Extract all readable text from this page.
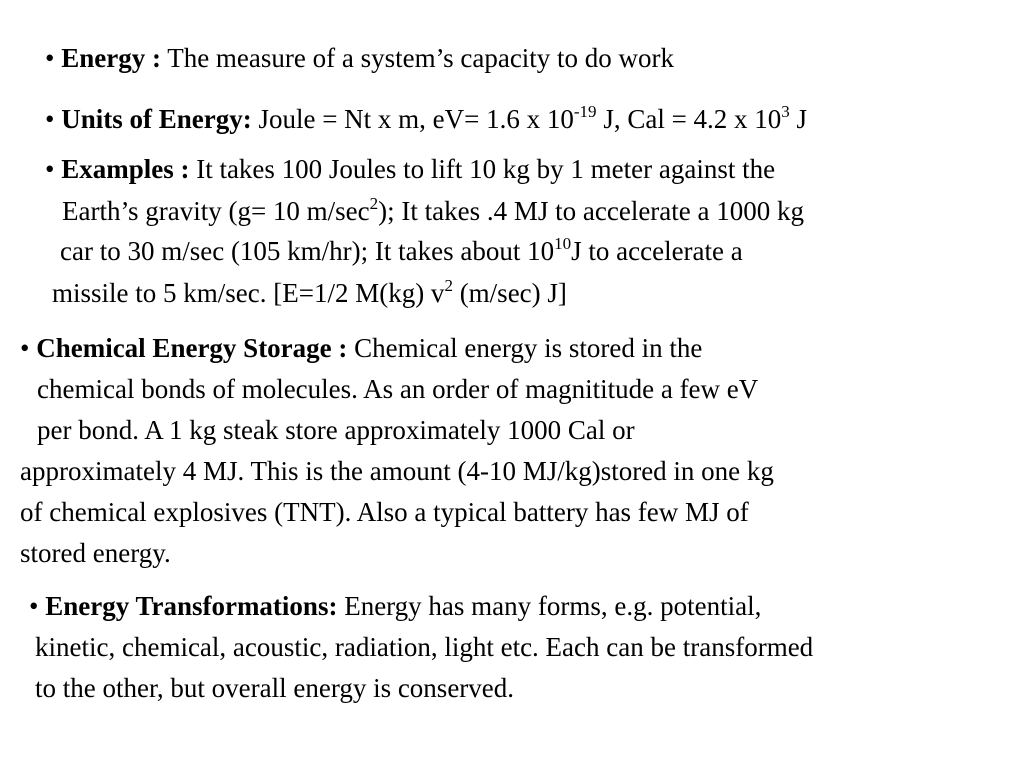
• Energy : The measure of a system’s capacity to do work
• Units of Energy: Joule = Nt x m, eV= 1.6 x $10^{-19}$ J, Cal = 4.2 x $10^3$ J
• Examples : It takes 100 Joules to lift 10 kg by 1 meter against the
Earth’s gravity (g= 10 $m/\sec^2$); It takes .4 MJ to accelerate a 1000 kg
car to 30 m/sec (105 km/hr); It takes about $10^{10}J$ to accelerate a
missile to 5 km/sec. [E=1/2 M(kg) $v^2$ (m/sec) J]
• Chemical Energy Storage : Chemical energy is stored in the
chemical bonds of molecules. As an order of magnititude a few eV
per bond. A 1 kg steak store approximately 1000 Cal or
approximately 4 MJ. This is the amount (4-10 MJ/kg)stored in one kg
of chemical explosives (TNT). Also a typical battery has few MJ of
stored energy.
• Energy Transformations: Energy has many forms, e.g. potential,
kinetic, chemical, acoustic, radiation, light etc. Each can be transformed
to the other, but overall energy is conserved.
